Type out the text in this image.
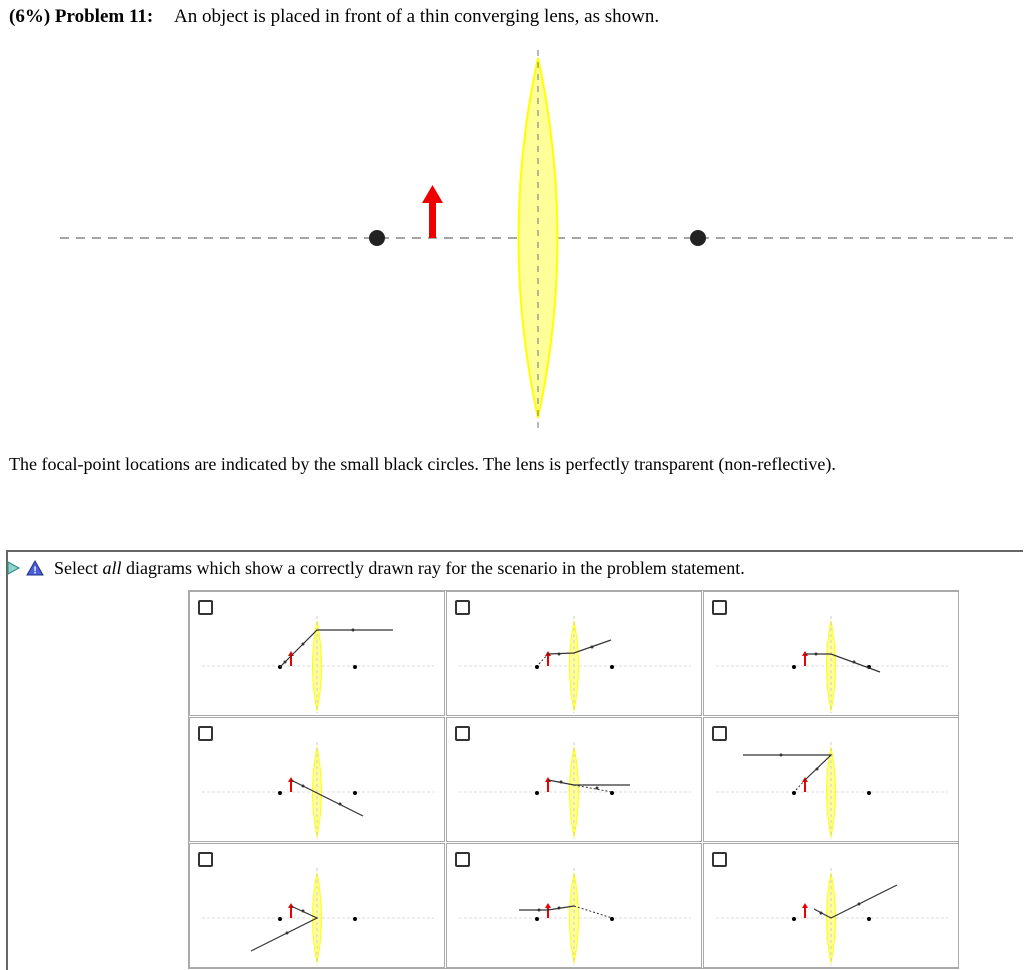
(6%) Problem 11: An object is placed in front of a thin converging lens, as shown.
The focal-point locations are indicated by the small black circles. The lens is perfectly transparent (non-reflective).
! Select all diagrams which show a correctly drawn ray for the scenario in the problem statement.
